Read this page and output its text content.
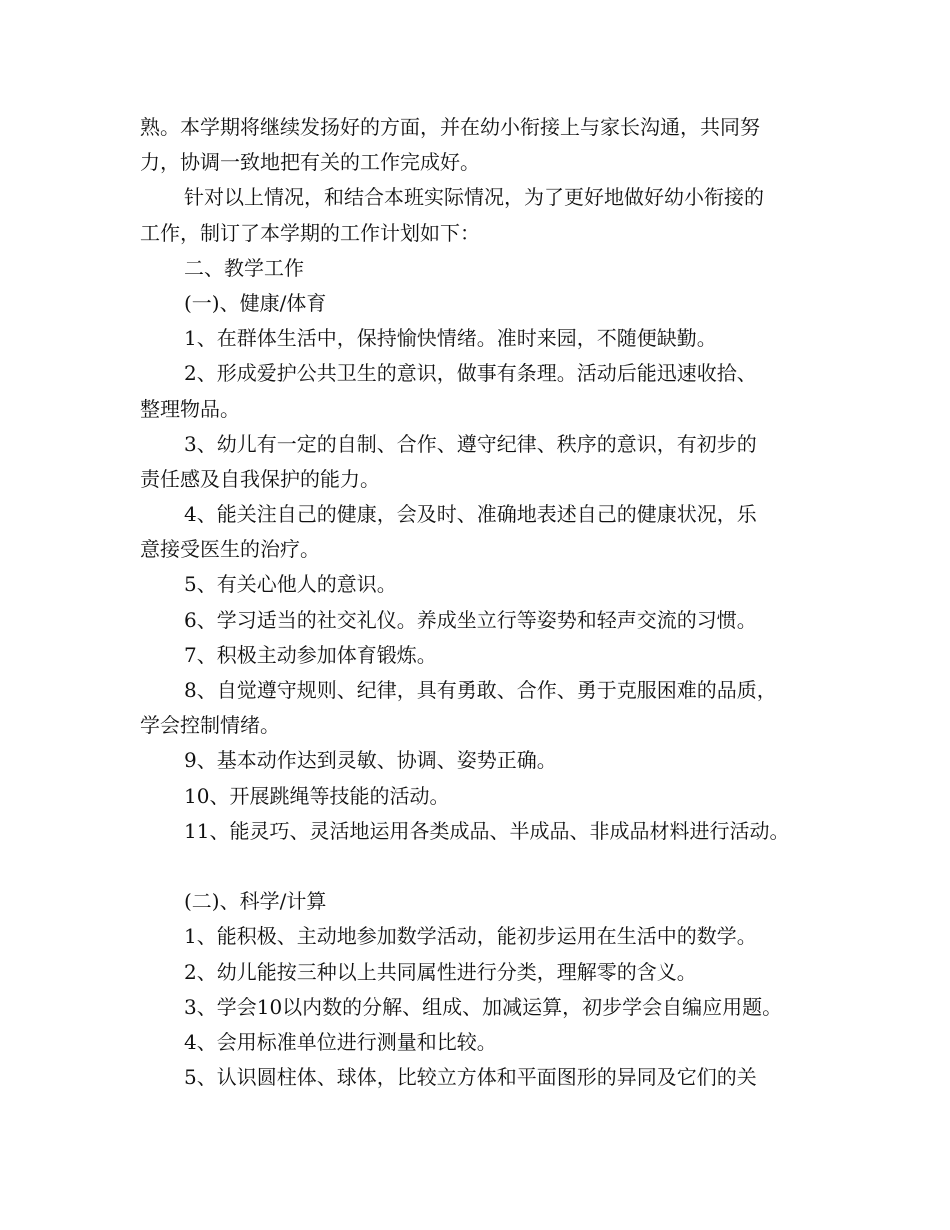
熟。本学期将继续发扬好的方面，并在幼小衔接上与家长沟通，共同努

力，协调一致地把有关的工作完成好。

针对以上情况，和结合本班实际情况，为了更好地做好幼小衔接的

工作，制订了本学期的工作计划如下：

二、教学工作

(一)、健康/体育

1、在群体生活中，保持愉快情绪。准时来园，不随便缺勤。

2、形成爱护公共卫生的意识，做事有条理。活动后能迅速收拾、

整理物品。

3、幼儿有一定的自制、合作、遵守纪律、秩序的意识，有初步的

责任感及自我保护的能力。

4、能关注自己的健康，会及时、准确地表述自己的健康状况，乐

意接受医生的治疗。

5、有关心他人的意识。

6、学习适当的社交礼仪。养成坐立行等姿势和轻声交流的习惯。

7、积极主动参加体育锻炼。

8、自觉遵守规则、纪律，具有勇敢、合作、勇于克服困难的品质，

学会控制情绪。

9、基本动作达到灵敏、协调、姿势正确。

10、开展跳绳等技能的活动。

11、能灵巧、灵活地运用各类成品、半成品、非成品材料进行活动。

(二)、科学/计算

1、能积极、主动地参加数学活动，能初步运用在生活中的数学。

2、幼儿能按三种以上共同属性进行分类，理解零的含义。

3、学会10以内数的分解、组成、加减运算，初步学会自编应用题。

4、会用标准单位进行测量和比较。

5、认识圆柱体、球体，比较立方体和平面图形的异同及它们的关
